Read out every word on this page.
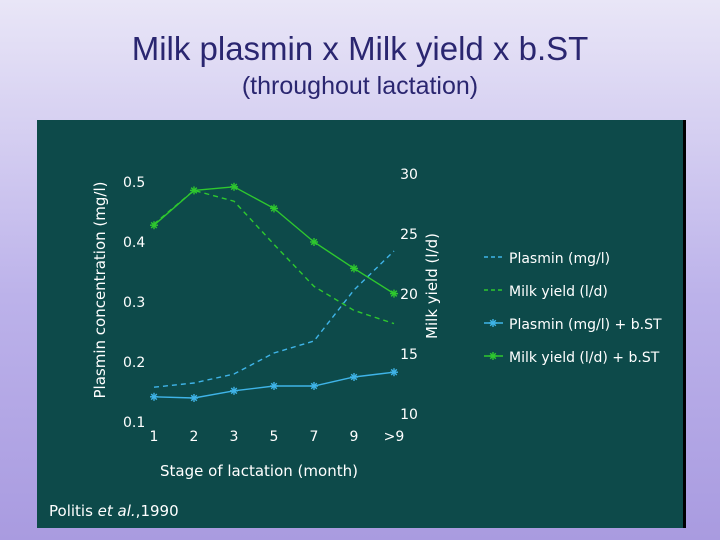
Milk plasmin x Milk yield x b.ST
(throughout lactation)
Plasmin concentration (mg/l)	Milk yield (l/d)
Stage of lactation (month)
Politis et al.,1990
0.1
0.2
0.3
0.4
0.5
10
15
20
25
30
1 2 3 5 7 9 >9
Plasmin (mg/l)
Milk yield (l/d)
Plasmin (mg/l) + b.ST
Milk yield (l/d) + b.ST
